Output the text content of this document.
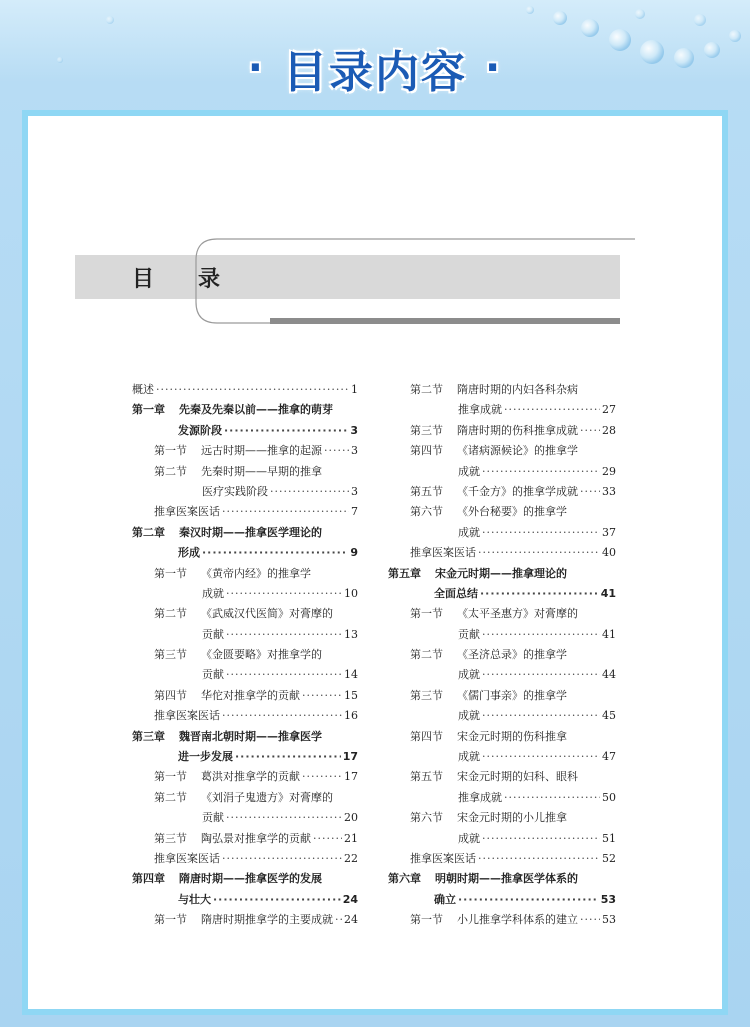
· 目录内容 ·
目 录
概述 ·····	1
第一章 先秦及先秦以前——推拿的萌芽
发源阶段 ·····	3
第一节 远古时期——推拿的起源 ·····	3
第二节 先秦时期——早期的推拿
医疗实践阶段 ·····	3
推拿医案医话 ·····	7
第二章 秦汉时期——推拿医学理论的
形成 ·····	9
第一节 《黄帝内经》的推拿学
成就 ·····	10
第二节 《武威汉代医简》对膏摩的
贡献 ·····	13
第三节 《金匮要略》对推拿学的
贡献 ·····	14
第四节 华佗对推拿学的贡献 ·····	15
推拿医案医话 ·····	16
第三章 魏晋南北朝时期——推拿医学
进一步发展 ·····	17
第一节 葛洪对推拿学的贡献 ·····	17
第二节 《刘涓子鬼遗方》对膏摩的
贡献 ·····	20
第三节 陶弘景对推拿学的贡献 ·····	21
推拿医案医话 ·····	22
第四章 隋唐时期——推拿医学的发展
与壮大 ·····	24
第一节 隋唐时期推拿学的主要成就 ····· 24
第二节 隋唐时期的内妇各科杂病
推拿成就 ·····	27
第三节 隋唐时期的伤科推拿成就 ····· 28
第四节 《诸病源候论》的推拿学
成就 ·····	29
第五节 《千金方》的推拿学成就 ····· 33
第六节 《外台秘要》的推拿学
成就 ·····	37
推拿医案医话 ·····	40
第五章 宋金元时期——推拿理论的
全面总结 ·····	41
第一节 《太平圣惠方》对膏摩的
贡献 ·····	41
第二节 《圣济总录》的推拿学
成就 ·····	44
第三节 《儒门事亲》的推拿学
成就 ·····	45
第四节 宋金元时期的伤科推拿
成就 ·····	47
第五节 宋金元时期的妇科、眼科
推拿成就 ·····	50
第六节 宋金元时期的小儿推拿
成就 ·····	51
推拿医案医话 ·····	52
第六章 明朝时期——推拿医学体系的
确立 ·····	53
第一节 小儿推拿学科体系的建立 ····· 53
